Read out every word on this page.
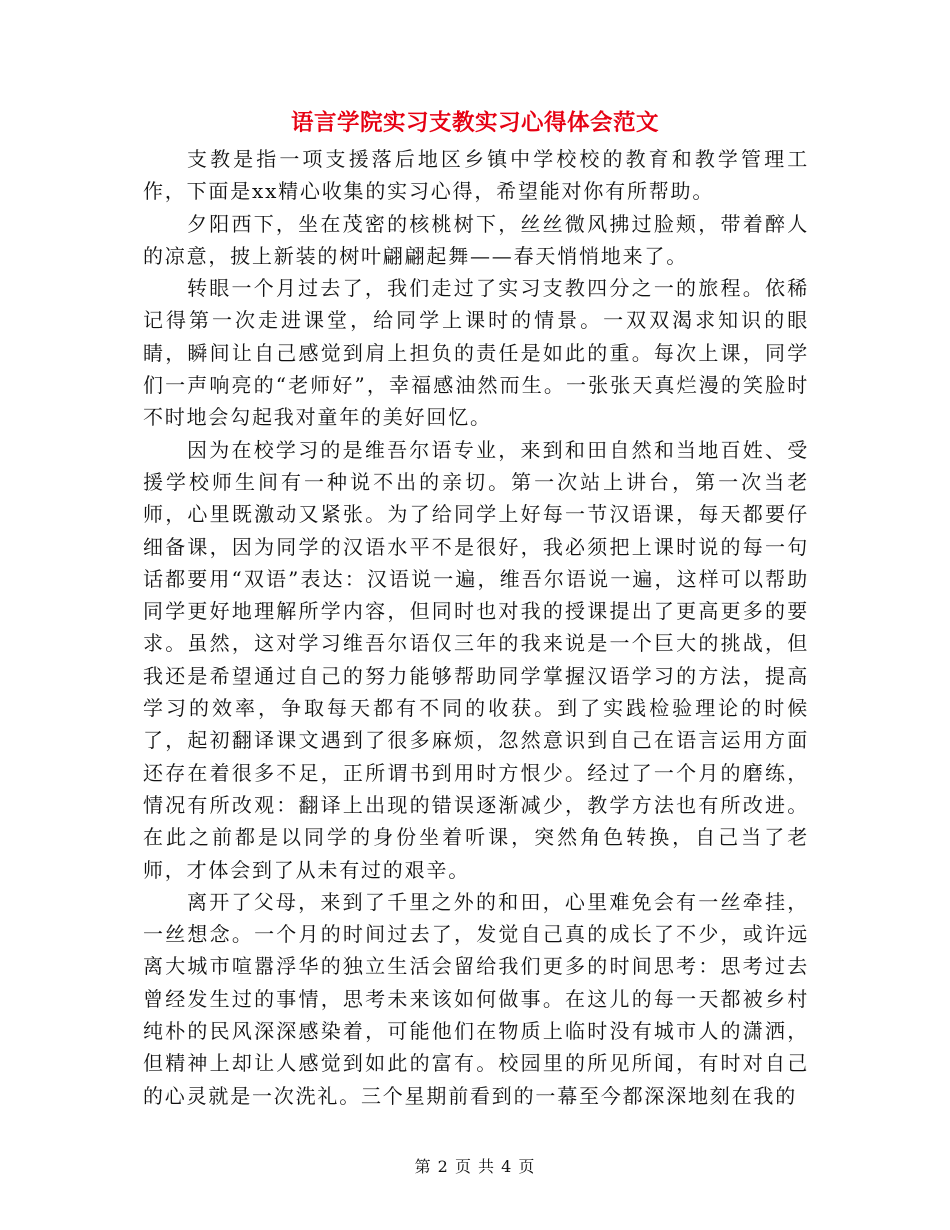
语言学院实习支教实习心得体会范文

支教是指一项支援落后地区乡镇中学校校的教育和教学管理工作，下面是xx精心收集的实习心得，希望能对你有所帮助。

夕阳西下，坐在茂密的核桃树下，丝丝微风拂过脸颊，带着醉人的凉意，披上新装的树叶翩翩起舞——春天悄悄地来了。

转眼一个月过去了，我们走过了实习支教四分之一的旅程。依稀记得第一次走进课堂，给同学上课时的情景。一双双渴求知识的眼睛，瞬间让自己感觉到肩上担负的责任是如此的重。每次上课，同学们一声响亮的“老师好”，幸福感油然而生。一张张天真烂漫的笑脸时不时地会勾起我对童年的美好回忆。

因为在校学习的是维吾尔语专业，来到和田自然和当地百姓、受援学校师生间有一种说不出的亲切。第一次站上讲台，第一次当老师，心里既激动又紧张。为了给同学上好每一节汉语课，每天都要仔细备课，因为同学的汉语水平不是很好，我必须把上课时说的每一句话都要用“双语”表达：汉语说一遍，维吾尔语说一遍，这样可以帮助同学更好地理解所学内容，但同时也对我的授课提出了更高更多的要求。虽然，这对学习维吾尔语仅三年的我来说是一个巨大的挑战，但我还是希望通过自己的努力能够帮助同学掌握汉语学习的方法，提高学习的效率，争取每天都有不同的收获。到了实践检验理论的时候了，起初翻译课文遇到了很多麻烦，忽然意识到自己在语言运用方面还存在着很多不足，正所谓书到用时方恨少。经过了一个月的磨练，情况有所改观：翻译上出现的错误逐渐减少，教学方法也有所改进。在此之前都是以同学的身份坐着听课，突然角色转换，自己当了老师，才体会到了从未有过的艰辛。

离开了父母，来到了千里之外的和田，心里难免会有一丝牵挂，一丝想念。一个月的时间过去了，发觉自己真的成长了不少，或许远离大城市喧嚣浮华的独立生活会留给我们更多的时间思考：思考过去曾经发生过的事情，思考未来该如何做事。在这儿的每一天都被乡村纯朴的民风深深感染着，可能他们在物质上临时没有城市人的潇洒，但精神上却让人感觉到如此的富有。校园里的所见所闻，有时对自己的心灵就是一次洗礼。三个星期前看到的一幕至今都深深地刻在我的

第 2 页 共 4 页
